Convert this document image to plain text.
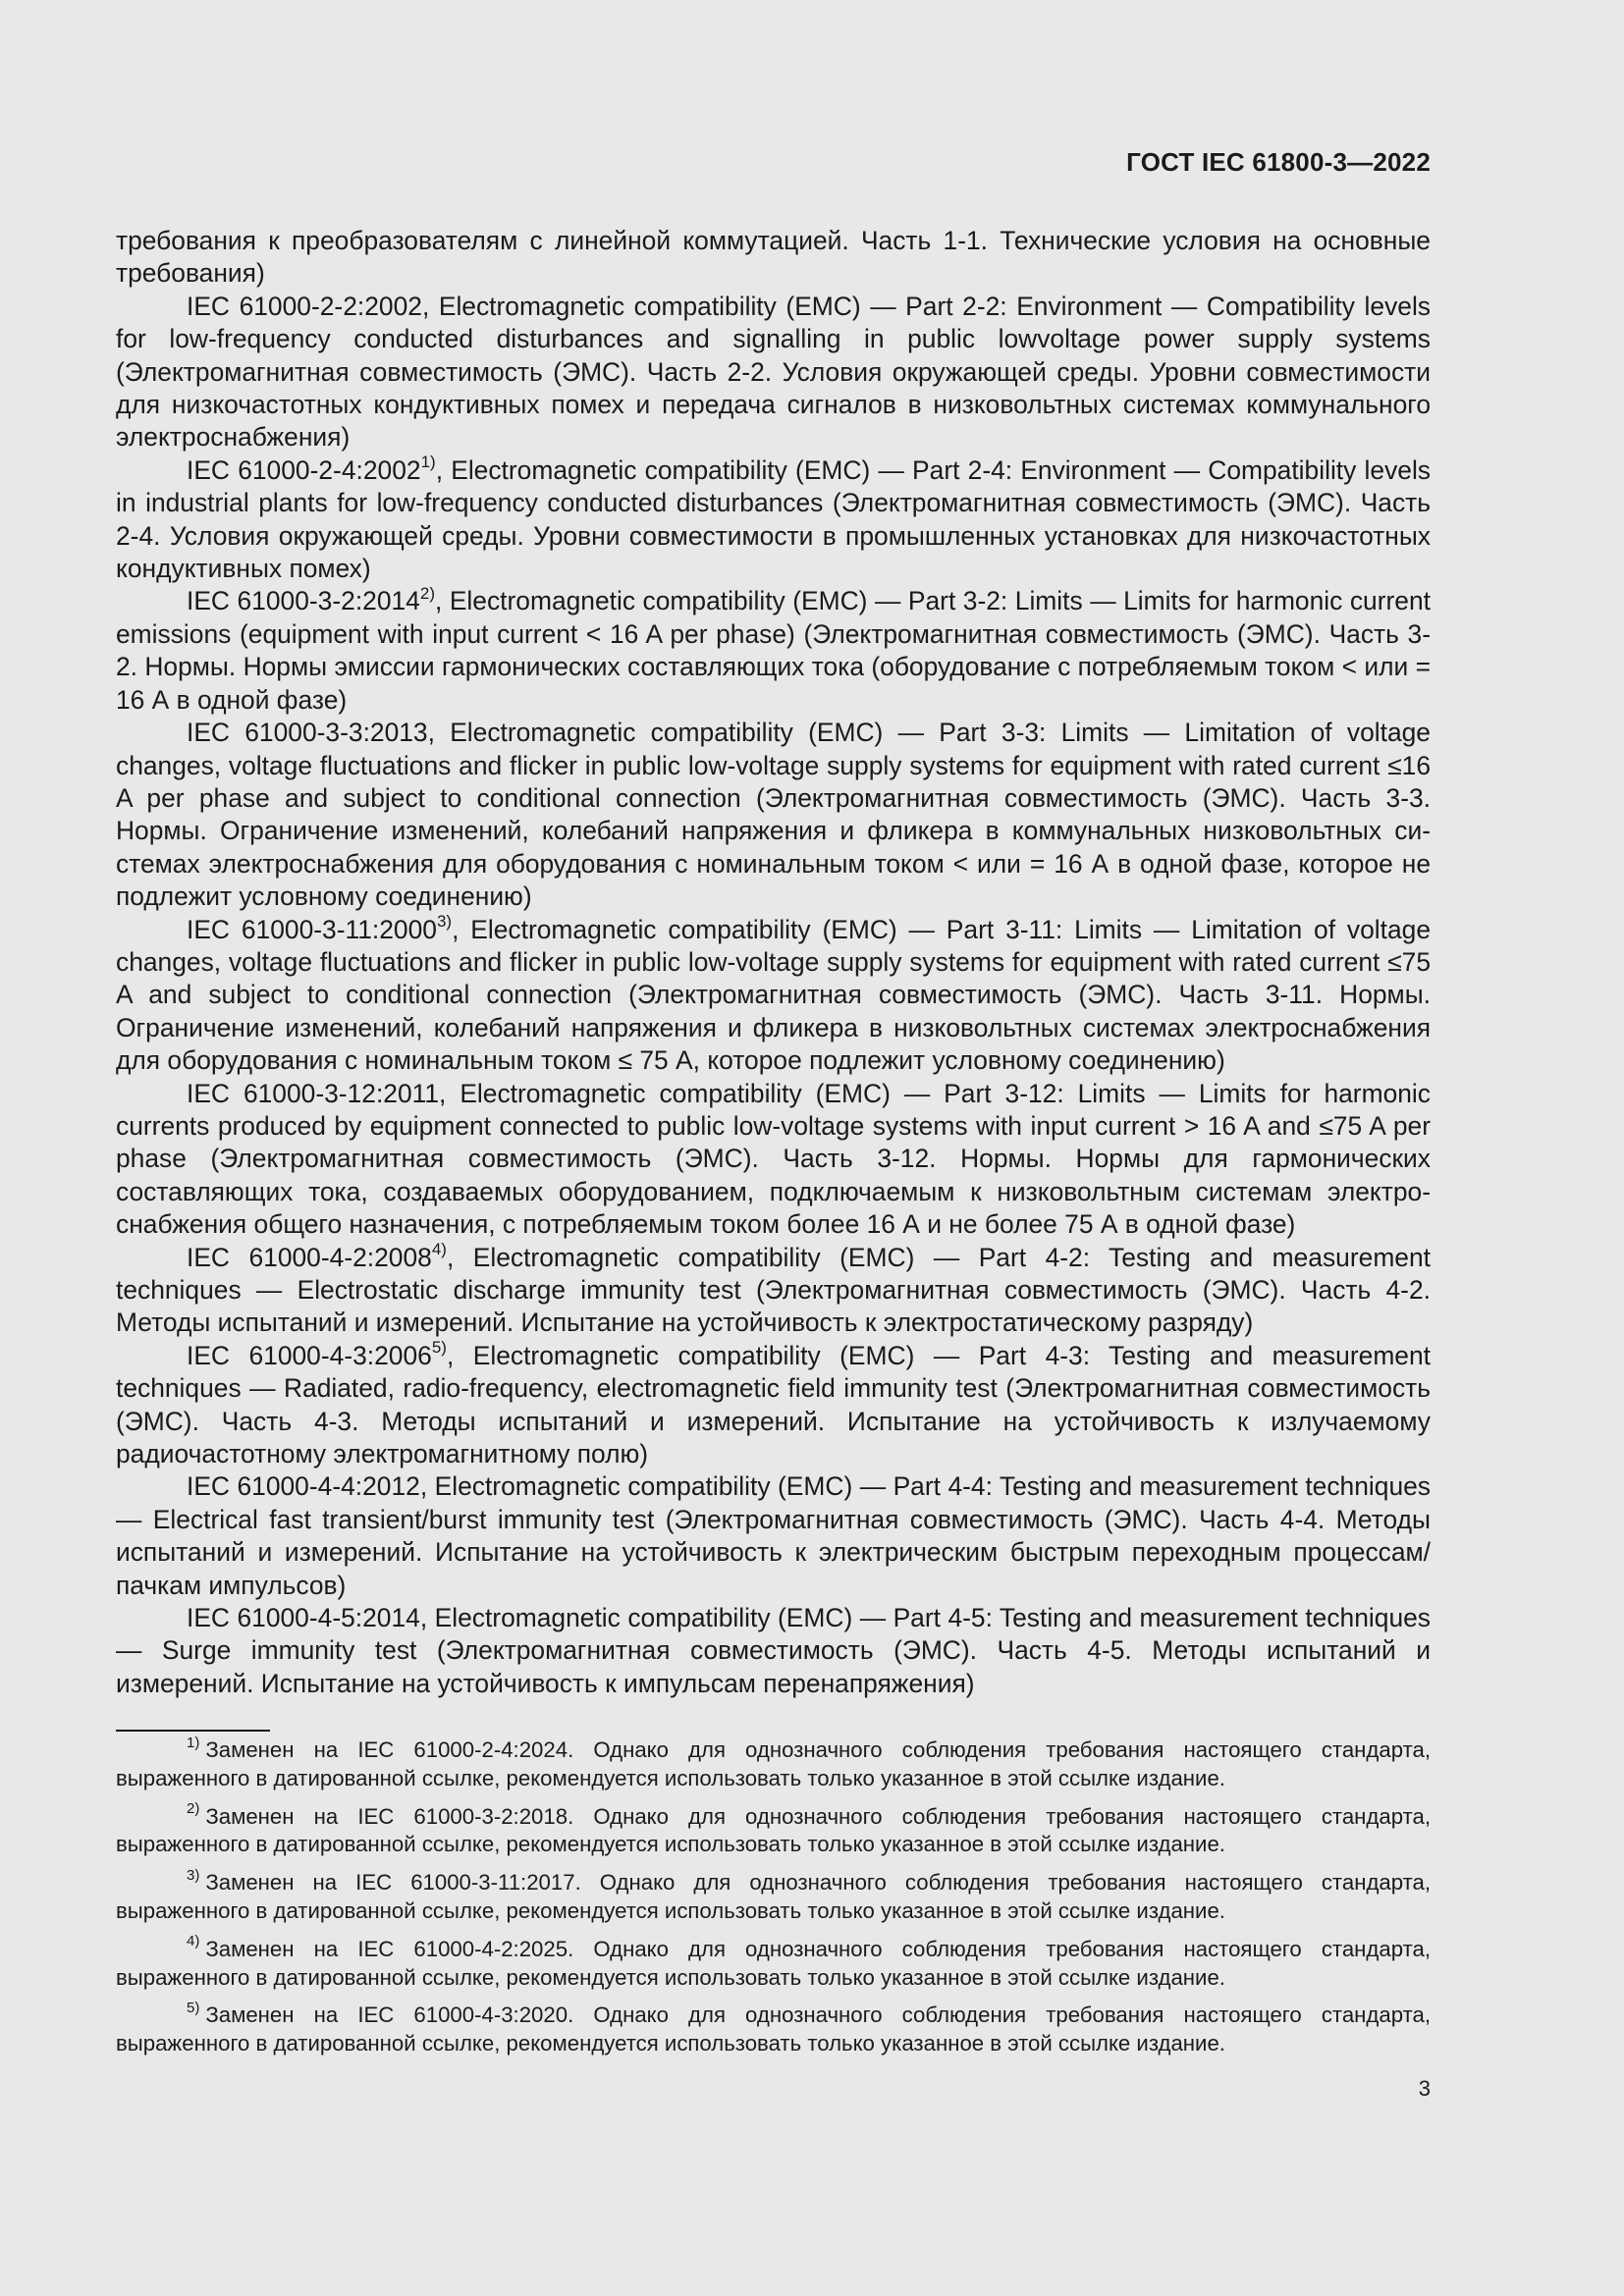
ГОСТ IEC 61800-3—2022

требования к преобразователям с линейной коммутацией. Часть 1-1. Технические условия на основные требования)

IEC 61000-2-2:2002, Electromagnetic compatibility (EMC) — Part 2-2: Environment — Compatibility levels for low-frequency conducted disturbances and signalling in public lowvoltage power supply systems (Электромагнитная совместимость (ЭМС). Часть 2-2. Условия окружающей среды. Уровни совместимости для низкочастотных кондуктивных помех и передача сигналов в низковольтных системах коммунального электроснабжения)

IEC 61000-2-4:2002$^{1)}$, Electromagnetic compatibility (EMC) — Part 2-4: Environment — Compatibility levels in industrial plants for low-frequency conducted disturbances (Электромагнитная совместимость (ЭМС). Часть 2-4. Условия окружающей среды. Уровни совместимости в промышленных установках для низкочастотных кондуктивных помех)

IEC 61000-3-2:2014$^{2)}$, Electromagnetic compatibility (EMC) — Part 3-2: Limits — Limits for harmonic current emissions (equipment with input current < 16 A per phase) (Электромагнитная совместимость (ЭМС). Часть 3-2. Нормы. Нормы эмиссии гармонических составляющих тока (оборудование с потребляемым током < или = 16 А в одной фазе)

IEC 61000-3-3:2013, Electromagnetic compatibility (EMC) — Part 3-3: Limits — Limitation of voltage changes, voltage fluctuations and flicker in public low-voltage supply systems for equipment with rated current ≤16 A per phase and subject to conditional connection (Электромагнитная совместимость (ЭМС). Часть 3-3. Нормы. Ограничение изменений, колебаний напряжения и фликера в коммунальных низковольтных системах электроснабжения для оборудования с номинальным током < или = 16 А в одной фазе, которое не подлежит условному соединению)

IEC 61000-3-11:2000$^{3)}$, Electromagnetic compatibility (EMC) — Part 3-11: Limits — Limitation of voltage changes, voltage fluctuations and flicker in public low-voltage supply systems for equipment with rated current ≤75 A and subject to conditional connection (Электромагнитная совместимость (ЭМС). Часть 3-11. Нормы. Ограничение изменений, колебаний напряжения и фликера в низковольтных системах электроснабжения для оборудования с номинальным током ≤ 75 А, которое подлежит условному соединению)

IEC 61000-3-12:2011, Electromagnetic compatibility (EMC) — Part 3-12: Limits — Limits for harmonic currents produced by equipment connected to public low-voltage systems with input current > 16 A and ≤75 A per phase (Электромагнитная совместимость (ЭМС). Часть 3-12. Нормы. Нормы для гармонических составляющих тока, создаваемых оборудованием, подключаемым к низковольтным системам электроснабжения общего назначения, с потребляемым током более 16 А и не более 75 А в одной фазе)

IEC 61000-4-2:2008$^{4)}$, Electromagnetic compatibility (EMC) — Part 4-2: Testing and measurement techniques — Electrostatic discharge immunity test (Электромагнитная совместимость (ЭМС). Часть 4-2. Методы испытаний и измерений. Испытание на устойчивость к электростатическому разряду)

IEC 61000-4-3:2006$^{5)}$, Electromagnetic compatibility (EMC) — Part 4-3: Testing and measurement techniques — Radiated, radio-frequency, electromagnetic field immunity test (Электромагнитная совместимость (ЭМС). Часть 4-3. Методы испытаний и измерений. Испытание на устойчивость к излучаемому радиочастотному электромагнитному полю)

IEC 61000-4-4:2012, Electromagnetic compatibility (EMC) — Part 4-4: Testing and measurement techniques — Electrical fast transient/burst immunity test (Электромагнитная совместимость (ЭМС). Часть 4-4. Методы испытаний и измерений. Испытание на устойчивость к электрическим быстрым переходным процессам/пачкам импульсов)

IEC 61000-4-5:2014, Electromagnetic compatibility (EMC) — Part 4-5: Testing and measurement techniques — Surge immunity test (Электромагнитная совместимость (ЭМС). Часть 4-5. Методы испытаний и измерений. Испытание на устойчивость к импульсам перенапряжения)

$^{1)}$ Заменен на IEC 61000-2-4:2024. Однако для однозначного соблюдения требования настоящего стандарта, выраженного в датированной ссылке, рекомендуется использовать только указанное в этой ссылке издание.

$^{2)}$ Заменен на IEC 61000-3-2:2018. Однако для однозначного соблюдения требования настоящего стандарта, выраженного в датированной ссылке, рекомендуется использовать только указанное в этой ссылке издание.

$^{3)}$ Заменен на IEC 61000-3-11:2017. Однако для однозначного соблюдения требования настоящего стандарта, выраженного в датированной ссылке, рекомендуется использовать только указанное в этой ссылке издание.

$^{4)}$ Заменен на IEC 61000-4-2:2025. Однако для однозначного соблюдения требования настоящего стандарта, выраженного в датированной ссылке, рекомендуется использовать только указанное в этой ссылке издание.

$^{5)}$ Заменен на IEC 61000-4-3:2020. Однако для однозначного соблюдения требования настоящего стандарта, выраженного в датированной ссылке, рекомендуется использовать только указанное в этой ссылке издание.

3
